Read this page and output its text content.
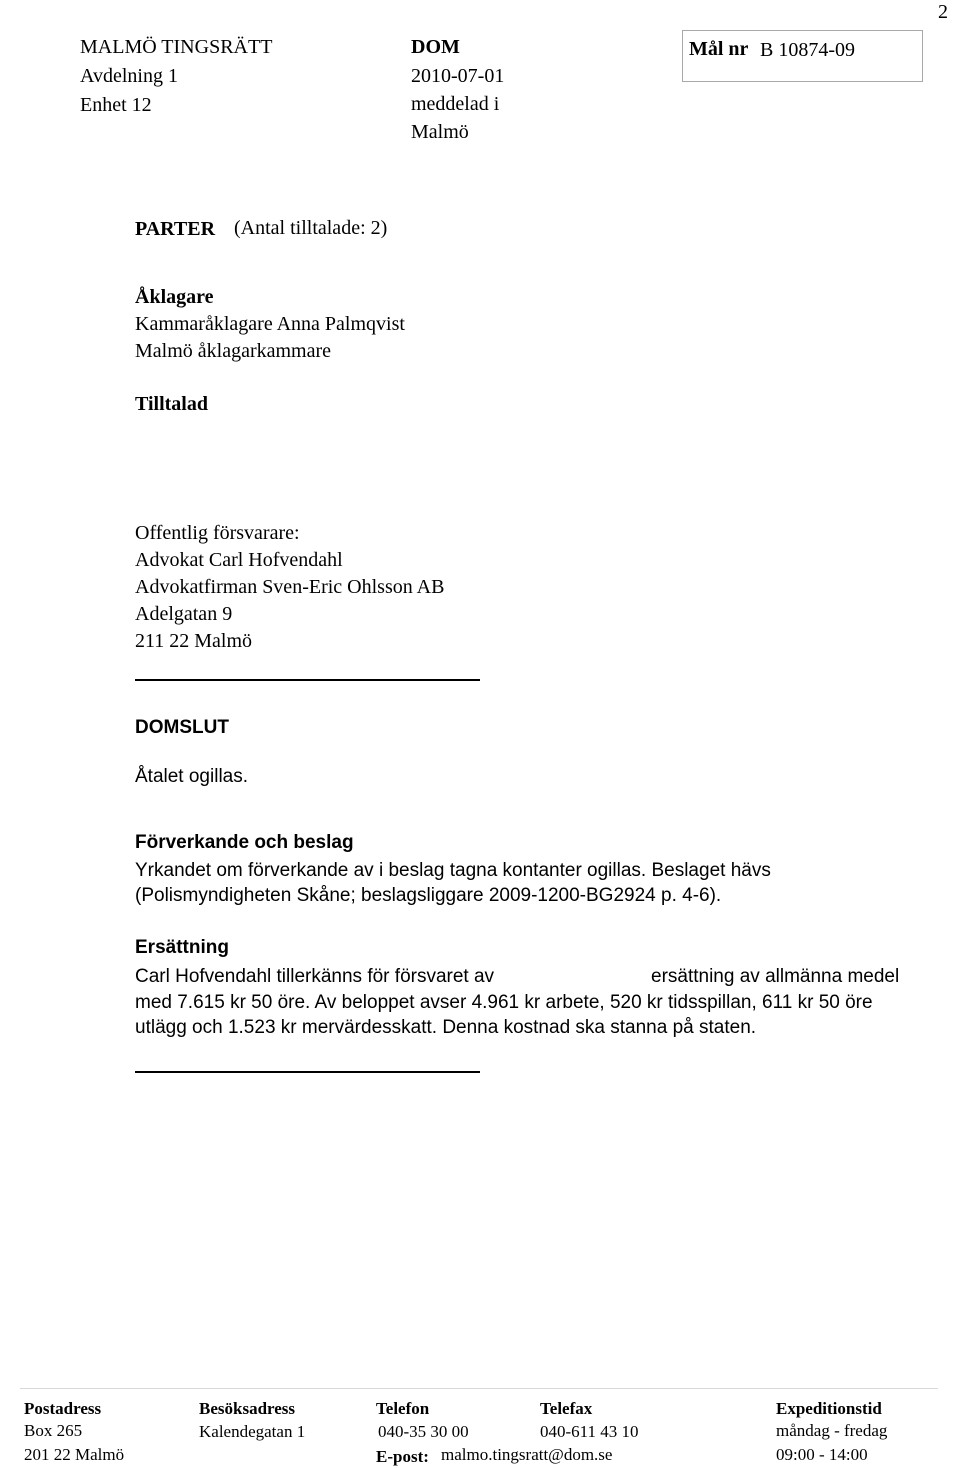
2
MALMÖ TINGSRÄTT
Avdelning 1
Enhet 12
DOM
2010-07-01
meddelad i
Malmö
Mål nr B 10874-09
PARTER (Antal tilltalade: 2)
Åklagare
Kammaråklagare Anna Palmqvist
Malmö åklagarkammare
Tilltalad
Offentlig försvarare:
Advokat Carl Hofvendahl
Advokatfirman Sven-Eric Ohlsson AB
Adelgatan 9
211 22 Malmö
DOMSLUT
Åtalet ogillas.
Förverkande och beslag
Yrkandet om förverkande av i beslag tagna kontanter ogillas. Beslaget hävs
(Polismyndigheten Skåne; beslagsliggare 2009-1200-BG2924 p. 4-6).
Ersättning
Carl Hofvendahl tillerkänns för försvaret av	ersättning av allmänna medel
med 7.615 kr 50 öre. Av beloppet avser 4.961 kr arbete, 520 kr tidsspillan, 611 kr 50 öre
utlägg och 1.523 kr mervärdesskatt. Denna kostnad ska stanna på staten.
Postadress
Box 265
201 22 Malmö
Besöksadress
Kalendegatan 1
Telefon
040-35 30 00
E-post: malmo.tingsratt@dom.se
Telefax
040-611 43 10
Expeditionstid
måndag - fredag
09:00 - 14:00
